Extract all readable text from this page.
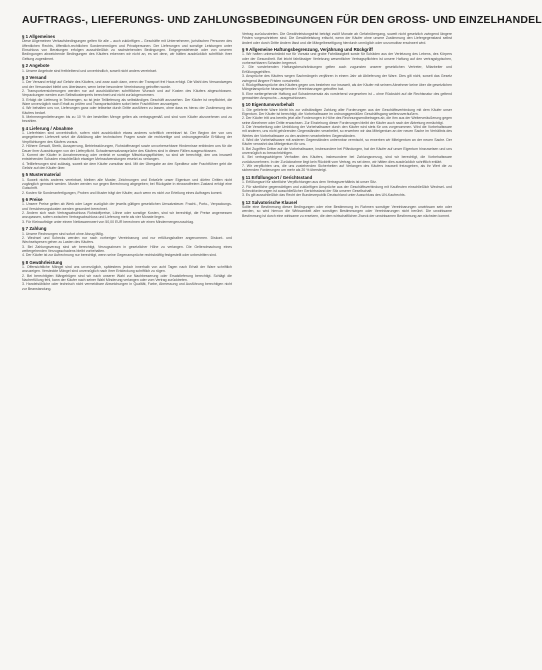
AUFTRAGS-, LIEFERUNGS- UND ZAHLUNGSBEDINGUNGEN FÜR DEN GROSS- UND EINZELHANDEL
§ 1 Allgemeines

Diese Allgemeinen Verkaufsbedingungen gelten für alle – auch zukünftigen – Geschäfte mit Unternehmern, juristischen Personen des öffentlichen Rechts, öffentlich-rechtlichen Sondervermögen und Privatpersonen. Der Lieferungen und sonstige Leistungen unter Einschluss von Beratungen erfolgen ausschließlich zu nachstehenden Bedingungen. Entgegenstehende oder von unseren Bedingungen abweichende Bedingungen des Käufers erkennen wir nicht an, es sei denn, wir hätten ausdrücklich schriftlich ihrer Geltung zugestimmt.

§ 2 Angebote

1. Unsere Angebote sind freibleibend und unverbindlich, soweit nicht anders vereinbart.

§ 3 Versand

1. Der Versand erfolgt auf Gefahr des Käufers, und zwar auch dann, wenn der Transport frei Haus erfolgt. Die Wahl des Versandweges und der Versandart bleibt uns überlassen, wenn keine besondere Vereinbarung getroffen wurde.

2. Transportversicherungen werden nur auf ausdrücklichen schriftlichen Wunsch und auf Kosten des Käufers abgeschlossen. Verpackungen werden zum Selbstkostenpreis berechnet und nicht zurückgenommen.

3. Erfolgt die Lieferung in Teilmengen, so ist jede Teillieferung als selbständiges Geschäft anzusehen. Der Käufer ist verpflichtet, die Ware unverzüglich nach Erhalt zu prüfen und Transportschäden sofort beim Frachtführer anzuzeigen.

4. Wir behalten uns vor, Lieferungen ganz oder teilweise durch Dritte ausführen zu lassen, ohne dass es hierzu der Zustimmung des Käufers bedarf.

5. Mehrmengenlieferungen bis zu 10 % der bestellten Menge gelten als vertragsgemäß und sind vom Käufer abzunehmen und zu bezahlen.

§ 4 Lieferung / Abnahme

1. Lieferfristen sind unverbindlich, sofern nicht ausdrücklich etwas anderes schriftlich vereinbart ist. Der Beginn der von uns angegebenen Lieferzeit setzt die Abklärung aller technischen Fragen sowie die rechtzeitige und ordnungsgemäße Erfüllung der Verpflichtungen des Käufers voraus.

2. Höhere Gewalt, Streik, Aussperrung, Betriebsstörungen, Rohstoffmangel sowie unvorhersehbare Hindernisse entbinden uns für die Dauer ihrer Auswirkungen von der Lieferpflicht. Schadensersatzansprüche des Käufers sind in diesen Fällen ausgeschlossen.

3. Kommt der Käufer in Annahmeverzug oder verletzt er sonstige Mitwirkungspflichten, so sind wir berechtigt, den uns insoweit entstehenden Schaden einschließlich etwaiger Mehraufwendungen ersetzt zu verlangen.

4. Teillieferungen sind zulässig, soweit sie dem Käufer zumutbar sind. Mit der Übergabe an den Spediteur oder Frachtführer geht die Gefahr auf den Käufer über.

§ 5 Mustermaterial

1. Soweit nichts anderes vereinbart, bleiben alle Muster, Zeichnungen und Entwürfe unser Eigentum und dürfen Dritten nicht zugänglich gemacht werden. Muster werden nur gegen Berechnung abgegeben; bei Rückgabe in einwandfreiem Zustand erfolgt eine Gutschrift.

2. Kosten für Sonderanfertigungen, Proben und Muster trägt der Käufer, auch wenn es nicht zur Erteilung eines Auftrages kommt.

§ 6 Preise

1. Unsere Preise gelten ab Werk oder Lager zuzüglich der jeweils gültigen gesetzlichen Umsatzsteuer. Fracht-, Porto-, Verpackungs- und Versicherungskosten werden gesondert berechnet.

2. Ändern sich nach Vertragsabschluss Rohstoffpreise, Löhne oder sonstige Kosten, sind wir berechtigt, die Preise angemessen anzupassen, sofern zwischen Vertragsabschluss und Lieferung mehr als vier Monate liegen.

3. Für Kleinaufträge unter einem Nettowarenwert von 50,00 EUR berechnen wir einen Mindermengenzuschlag.

§ 7 Zahlung

1. Unsere Rechnungen sind sofort ohne Abzug fällig.

2. Wechsel und Schecks werden nur nach vorheriger Vereinbarung und nur erfüllungshalber angenommen. Diskont- und Wechselspesen gehen zu Lasten des Käufers.

3. Bei Zahlungsverzug sind wir berechtigt, Verzugszinsen in gesetzlicher Höhe zu verlangen. Die Geltendmachung eines weitergehenden Verzugsschadens bleibt vorbehalten.

4. Der Käufer ist zur Aufrechnung nur berechtigt, wenn seine Gegenansprüche rechtskräftig festgestellt oder unbestritten sind.

§ 8 Gewährleistung

1. Offensichtliche Mängel sind uns unverzüglich, spätestens jedoch innerhalb von acht Tagen nach Erhalt der Ware schriftlich anzuzeigen. Versteckte Mängel sind unverzüglich nach ihrer Entdeckung schriftlich zu rügen.

2. Bei berechtigten Mängelrügen sind wir nach unserer Wahl zur Nachbesserung oder Ersatzlieferung berechtigt. Schlägt die Nacherfüllung fehl, kann der Käufer nach seiner Wahl Minderung verlangen oder vom Vertrag zurücktreten.

3. Handelsübliche oder technisch nicht vermeidbare Abweichungen in Qualität, Farbe, Abmessung und Ausführung berechtigen nicht zur Beanstandung.

Vertrag zurückzutreten. Die Gewährleistungsfrist beträgt zwölf Monate ab Gefahrübergang, soweit nicht gesetzlich zwingend längere Fristen vorgeschrieben sind. Die Gewährleistung erlischt, wenn der Käufer ohne unsere Zustimmung den Liefergegenstand selbst ändert oder durch Dritte ändern lässt und die Mängelbeseitigung hierdurch unmöglich oder unzumutbar erschwert wird.

§ 9 Allgemeine Haftungsbegrenzung, Verjährung und Rückgriff

1. Wir haften unbeschränkt nur für Vorsatz und grobe Fahrlässigkeit sowie für Schäden aus der Verletzung des Lebens, des Körpers oder der Gesundheit. Bei leicht fahrlässiger Verletzung wesentlicher Vertragspflichten ist unsere Haftung auf den vertragstypischen, vorhersehbaren Schaden begrenzt.

2. Die vorstehenden Haftungsbeschränkungen gelten auch zugunsten unserer gesetzlichen Vertreter, Mitarbeiter und Erfüllungsgehilfen.

3. Ansprüche des Käufers wegen Sachmängeln verjähren in einem Jahr ab Ablieferung der Ware. Dies gilt nicht, soweit das Gesetz zwingend längere Fristen vorschreibt.

4. Rückgriffsansprüche des Käufers gegen uns bestehen nur insoweit, als der Käufer mit seinem Abnehmer keine über die gesetzlichen Mängelansprüche hinausgehenden Vereinbarungen getroffen hat.

5. Eine weitergehende Haftung auf Schadensersatz als vorstehend vorgesehen ist – ohne Rücksicht auf die Rechtsnatur des geltend gemachten Anspruchs – ausgeschlossen.

§ 10 Eigentumsvorbehalt

1. Die gelieferte Ware bleibt bis zur vollständigen Zahlung aller Forderungen aus der Geschäftsverbindung mit dem Käufer unser Eigentum. Der Käufer ist berechtigt, die Vorbehaltsware im ordnungsgemäßen Geschäftsgang weiterzuveräußern.

2. Der Käufer tritt uns bereits jetzt alle Forderungen in Höhe des Rechnungsendbetrages ab, die ihm aus der Weiterveräußerung gegen seine Abnehmer oder Dritte erwachsen. Zur Einziehung dieser Forderungen bleibt der Käufer auch nach der Abtretung ermächtigt.

3. Die Verarbeitung oder Umbildung der Vorbehaltsware durch den Käufer wird stets für uns vorgenommen. Wird die Vorbehaltsware mit anderen, uns nicht gehörenden Gegenständen verarbeitet, so erwerben wir das Miteigentum an der neuen Sache im Verhältnis des Wertes der Vorbehaltsware zu den anderen verarbeiteten Gegenständen.

4. Wird die Vorbehaltsware mit anderen Gegenständen untrennbar vermischt, so erwerben wir Miteigentum an der neuen Sache. Der Käufer verwahrt das Miteigentum für uns.

5. Bei Zugriffen Dritter auf die Vorbehaltsware, insbesondere bei Pfändungen, hat der Käufer auf unser Eigentum hinzuweisen und uns unverzüglich zu benachrichtigen.

6. Bei vertragswidrigem Verhalten des Käufers, insbesondere bei Zahlungsverzug, sind wir berechtigt, die Vorbehaltsware zurückzunehmen. In der Zurücknahme liegt kein Rücktritt vom Vertrag, es sei denn, wir hätten dies ausdrücklich schriftlich erklärt.

7. Wir verpflichten uns, die uns zustehenden Sicherheiten auf Verlangen des Käufers insoweit freizugeben, als ihr Wert die zu sichernden Forderungen um mehr als 20 % übersteigt.

§ 11 Erfüllungsort / Gerichtsstand

1. Erfüllungsort für sämtliche Verpflichtungen aus dem Vertragsverhältnis ist unser Sitz.

2. Für sämtliche gegenwärtigen und zukünftigen Ansprüche aus der Geschäftsverbindung mit Kaufleuten einschließlich Wechsel- und Scheckforderungen ist ausschließlicher Gerichtsstand der Sitz unserer Gesellschaft.

3. Es gilt ausschließlich das Recht der Bundesrepublik Deutschland unter Ausschluss des UN-Kaufrechts.

§ 12 Salvatorische Klausel

Sollte eine Bestimmung dieser Bedingungen oder eine Bestimmung im Rahmen sonstiger Vereinbarungen unwirksam sein oder werden, so wird hiervon die Wirksamkeit aller sonstigen Bestimmungen oder Vereinbarungen nicht berührt. Die unwirksame Bestimmung ist durch eine wirksame zu ersetzen, die dem wirtschaftlichen Zweck der unwirksamen Bestimmung am nächsten kommt.
